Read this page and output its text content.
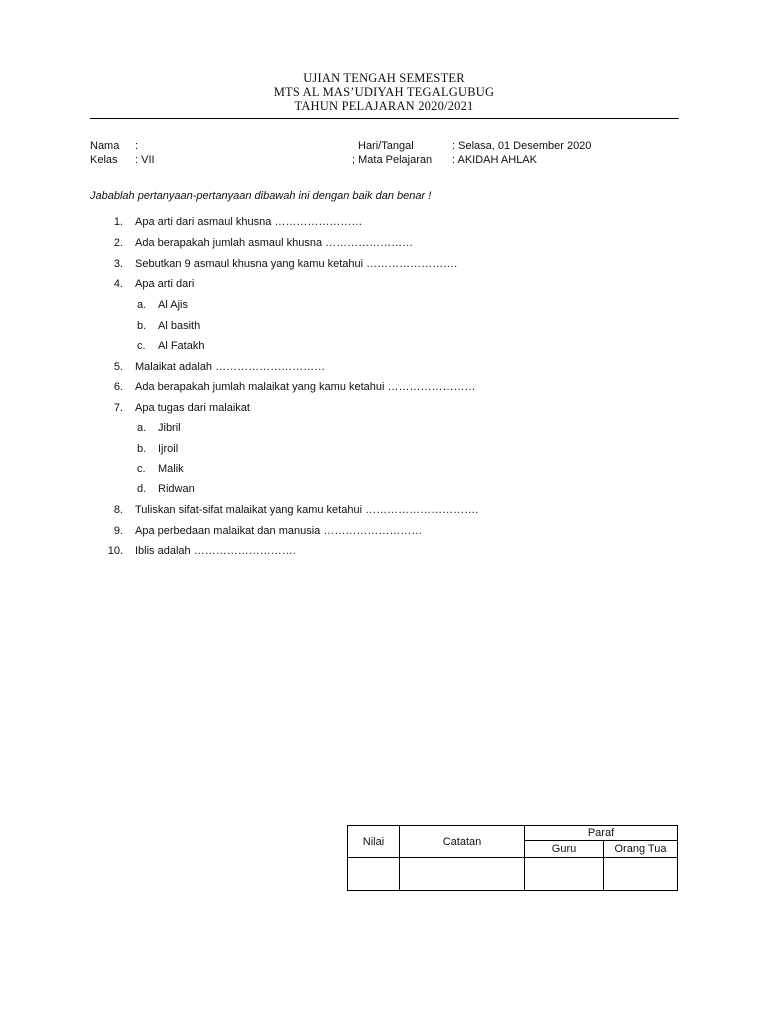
UJIAN TENGAH SEMESTER
MTS AL MAS’UDIYAH TEGALGUBUG
TAHUN PELAJARAN 2020/2021
Nama :
Kelas : VII
Hari/Tangal	: Selasa, 01 Desember 2020
; Mata Pelajaran : AKIDAH AHLAK
Jabablah pertanyaan-pertanyaan dibawah ini dengan baik dan benar !
1. Apa arti dari asmaul khusna ……………………
2. Ada berapakah jumlah asmaul khusna ……………………
3. Sebutkan 9 asmaul khusna yang kamu ketahui …………………….
4. Apa arti dari
a. Al Ajis
b. Al basith
c. Al Fatakh
5. Malaikat adalah …………………………
6. Ada berapakah jumlah malaikat yang kamu ketahui ……………………
7. Apa tugas dari malaikat
a. Jibril
b. Ijroil
c. Malik
d. Ridwan
8. Tuliskan sifat-sifat malaikat yang kamu ketahui ………………………….
9. Apa perbedaan malaikat dan manusia ………………………
10. Iblis adalah ……………………….
Nilai	Catatan	Paraf	
		Guru	Orang Tua
